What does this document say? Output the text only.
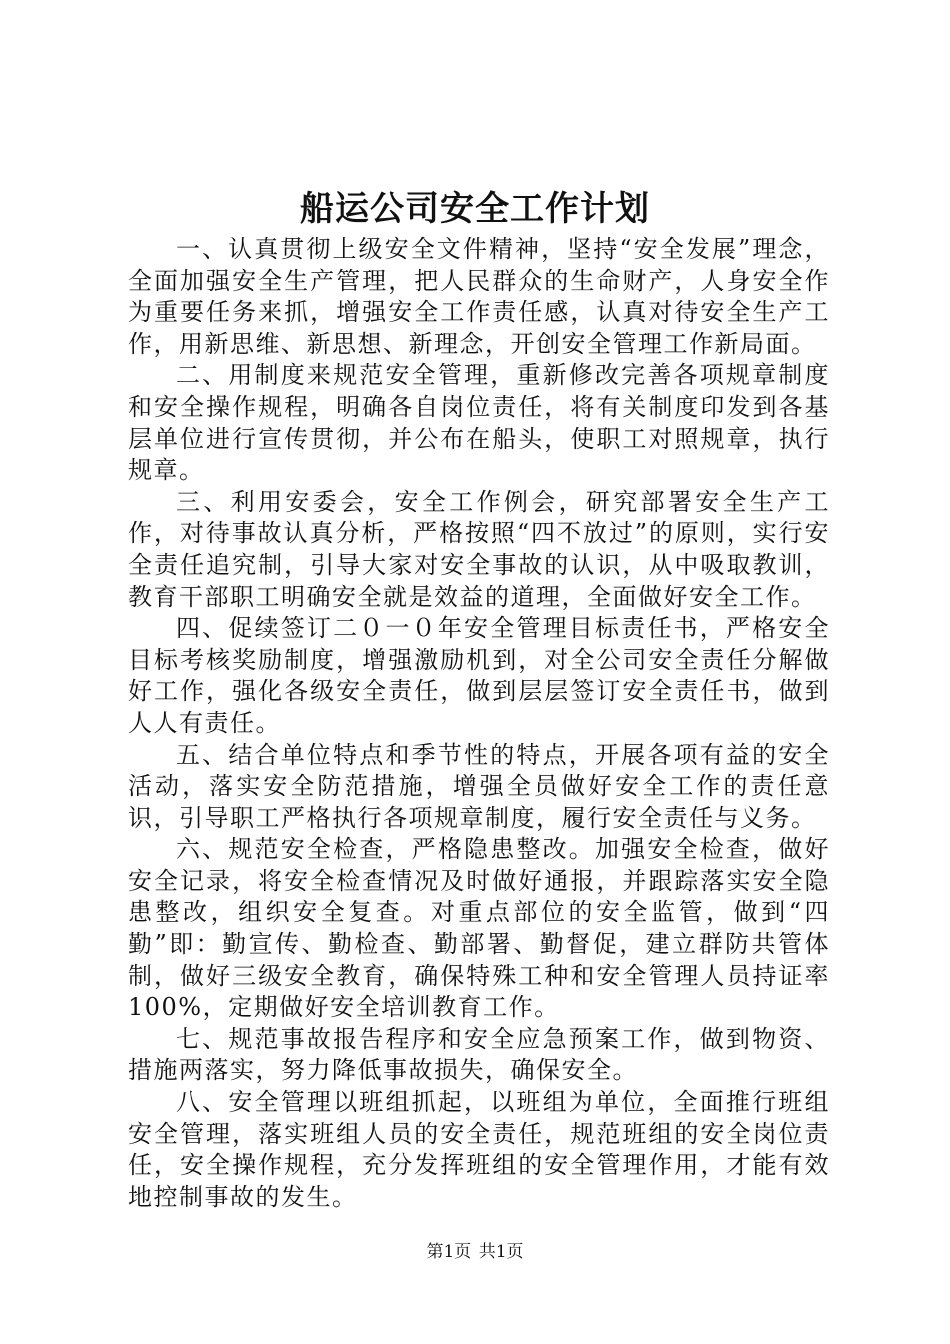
船运公司安全工作计划

一、认真贯彻上级安全文件精神，坚持“安全发展”理念，全面加强安全生产管理，把人民群众的生命财产，人身安全作为重要任务来抓，增强安全工作责任感，认真对待安全生产工作，用新思维、新思想、新理念，开创安全管理工作新局面。

二、用制度来规范安全管理，重新修改完善各项规章制度和安全操作规程，明确各自岗位责任，将有关制度印发到各基层单位进行宣传贯彻，并公布在船头，使职工对照规章，执行规章。

三、利用安委会，安全工作例会，研究部署安全生产工作，对待事故认真分析，严格按照“四不放过”的原则，实行安全责任追究制，引导大家对安全事故的认识，从中吸取教训，教育干部职工明确安全就是效益的道理，全面做好安全工作。

四、促续签订二０一０年安全管理目标责任书，严格安全目标考核奖励制度，增强激励机到，对全公司安全责任分解做好工作，强化各级安全责任，做到层层签订安全责任书，做到人人有责任。

五、结合单位特点和季节性的特点，开展各项有益的安全活动，落实安全防范措施，增强全员做好安全工作的责任意识，引导职工严格执行各项规章制度，履行安全责任与义务。

六、规范安全检查，严格隐患整改。加强安全检查，做好安全记录，将安全检查情况及时做好通报，并跟踪落实安全隐患整改，组织安全复查。对重点部位的安全监管，做到“四勤”即：勤宣传、勤检查、勤部署、勤督促，建立群防共管体制，做好三级安全教育，确保特殊工种和安全管理人员持证率100%，定期做好安全培训教育工作。

七、规范事故报告程序和安全应急预案工作，做到物资、措施两落实，努力降低事故损失，确保安全。

八、安全管理以班组抓起，以班组为单位，全面推行班组安全管理，落实班组人员的安全责任，规范班组的安全岗位责任，安全操作规程，充分发挥班组的安全管理作用，才能有效地控制事故的发生。

第1页 共1页
